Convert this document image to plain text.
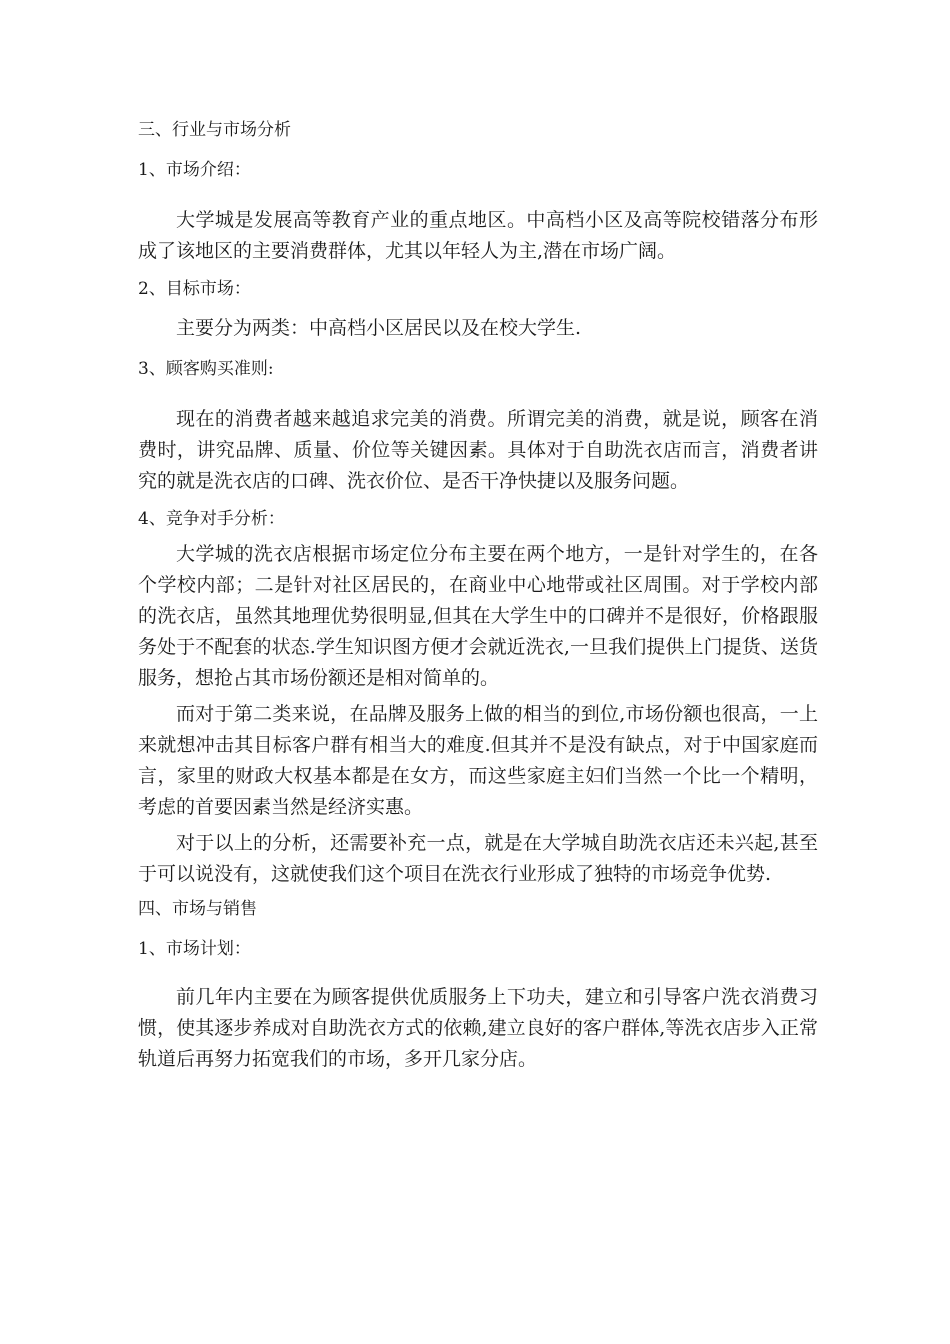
三、行业与市场分析

1、市场介绍：

大学城是发展高等教育产业的重点地区。中高档小区及高等院校错落分布形成了该地区的主要消费群体，尤其以年轻人为主,潜在市场广阔。

2、目标市场：

主要分为两类：中高档小区居民以及在校大学生.

3、顾客购买准则:

现在的消费者越来越追求完美的消费。所谓完美的消费，就是说，顾客在消费时，讲究品牌、质量、价位等关键因素。具体对于自助洗衣店而言，消费者讲究的就是洗衣店的口碑、洗衣价位、是否干净快捷以及服务问题。

4、竞争对手分析：

大学城的洗衣店根据市场定位分布主要在两个地方，一是针对学生的，在各个学校内部；二是针对社区居民的，在商业中心地带或社区周围。对于学校内部的洗衣店，虽然其地理优势很明显,但其在大学生中的口碑并不是很好，价格跟服务处于不配套的状态.学生知识图方便才会就近洗衣,一旦我们提供上门提货、送货服务，想抢占其市场份额还是相对简单的。

而对于第二类来说，在品牌及服务上做的相当的到位,市场份额也很高，一上来就想冲击其目标客户群有相当大的难度.但其并不是没有缺点，对于中国家庭而言，家里的财政大权基本都是在女方，而这些家庭主妇们当然一个比一个精明，考虑的首要因素当然是经济实惠。

对于以上的分析，还需要补充一点，就是在大学城自助洗衣店还未兴起,甚至于可以说没有，这就使我们这个项目在洗衣行业形成了独特的市场竞争优势.

四、市场与销售

1、市场计划：

前几年内主要在为顾客提供优质服务上下功夫，建立和引导客户洗衣消费习惯，使其逐步养成对自助洗衣方式的依赖,建立良好的客户群体,等洗衣店步入正常轨道后再努力拓宽我们的市场，多开几家分店。
